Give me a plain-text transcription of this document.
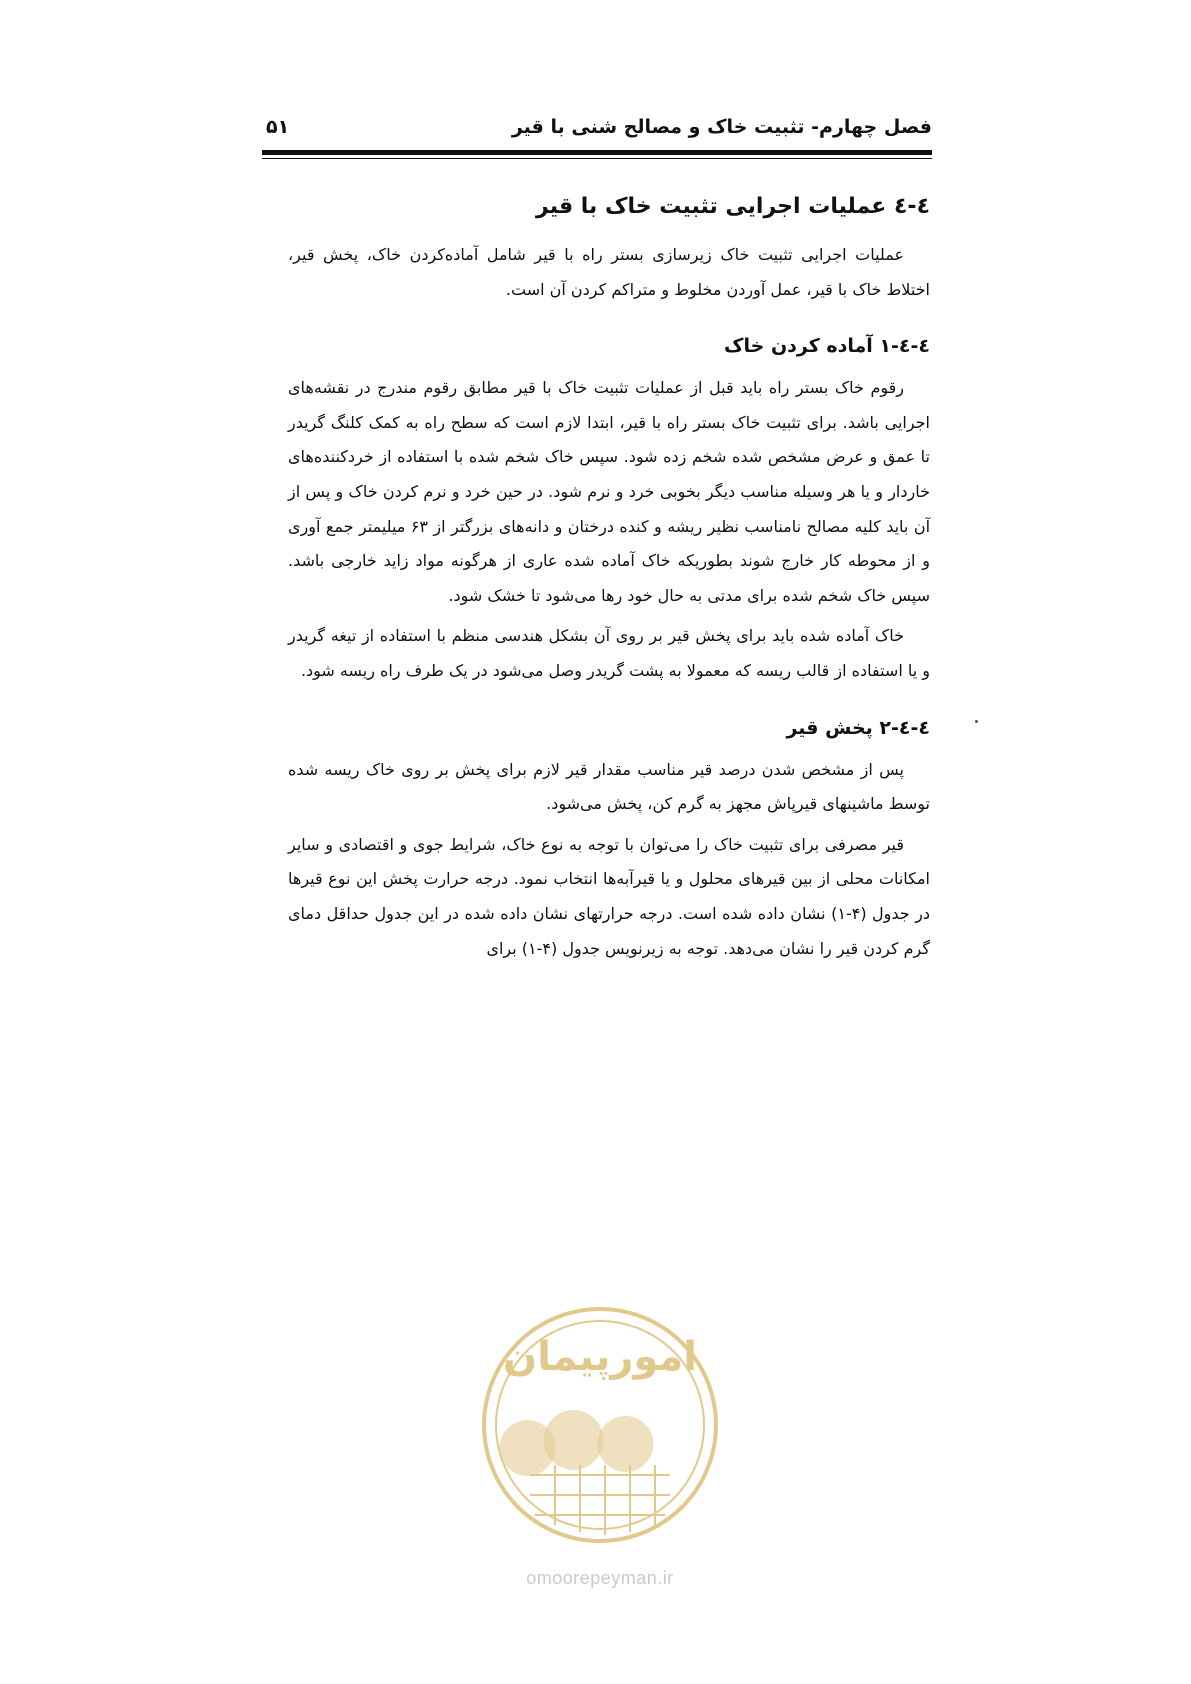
فصل چهارم- تثبیت خاک و مصالح شنی با قیر
۵۱
٤-٤ عملیات اجرایی تثبیت خاک با قیر

عملیات اجرایی تثبیت خاک زیرسازی بستر راه با قیر شامل آماده‌کردن خاک، پخش قیر، اختلاط خاک با قیر، عمل آوردن مخلوط و متراکم کردن آن است.

٤-٤-١ آماده کردن خاک

رقوم خاک بستر راه باید قبل از عملیات تثبیت خاک با قیر مطابق رقوم مندرج در نقشه‌های اجرایی باشد. برای تثبیت خاک بستر راه با قیر، ابتدا لازم است که سطح راه به کمک کلنگ گریدر تا عمق و عرض مشخص شده شخم زده شود. سپس خاک شخم شده با استفاده از خردکننده‌های خاردار و یا هر وسیله مناسب دیگر بخوبی خرد و نرم شود. در حین خرد و نرم کردن خاک و پس از آن باید کلیه مصالح نامناسب نظیر ریشه و کنده درختان و دانه‌های بزرگتر از ۶۳ میلیمتر جمع آوری و از محوطه کار خارج شوند بطوریکه خاک آماده شده عاری از هرگونه مواد زاید خارجی باشد. سپس خاک شخم شده برای مدتی به حال خود رها می‌شود تا خشک شود.

خاک آماده شده باید برای پخش قیر بر روی آن بشکل هندسی منظم با استفاده از تیغه گریدر و یا استفاده از قالب ریسه که معمولا به پشت گریدر وصل می‌شود در یک طرف راه ریسه شود.

٤-٤-٢ پخش قیر

پس از مشخص شدن درصد قیر مناسب مقدار قیر لازم برای پخش بر روی خاک ریسه شده توسط ماشینهای قیرپاش مجهز به گرم کن، پخش می‌شود.

قیر مصرفی برای تثبیت خاک را می‌توان با توجه به نوع خاک، شرایط جوی و اقتصادی و سایر امکانات محلی از بین قیرهای محلول و یا قیرآبه‌ها انتخاب نمود. درجه حرارت پخش این نوع قیرها در جدول (۴-۱) نشان داده شده است. درجه حرارتهای نشان داده شده در این جدول حداقل دمای گرم کردن قیر را نشان می‌دهد. توجه به زیرنویس جدول (۴-۱) برای

امورپیمان
omoorepeyman.ir
